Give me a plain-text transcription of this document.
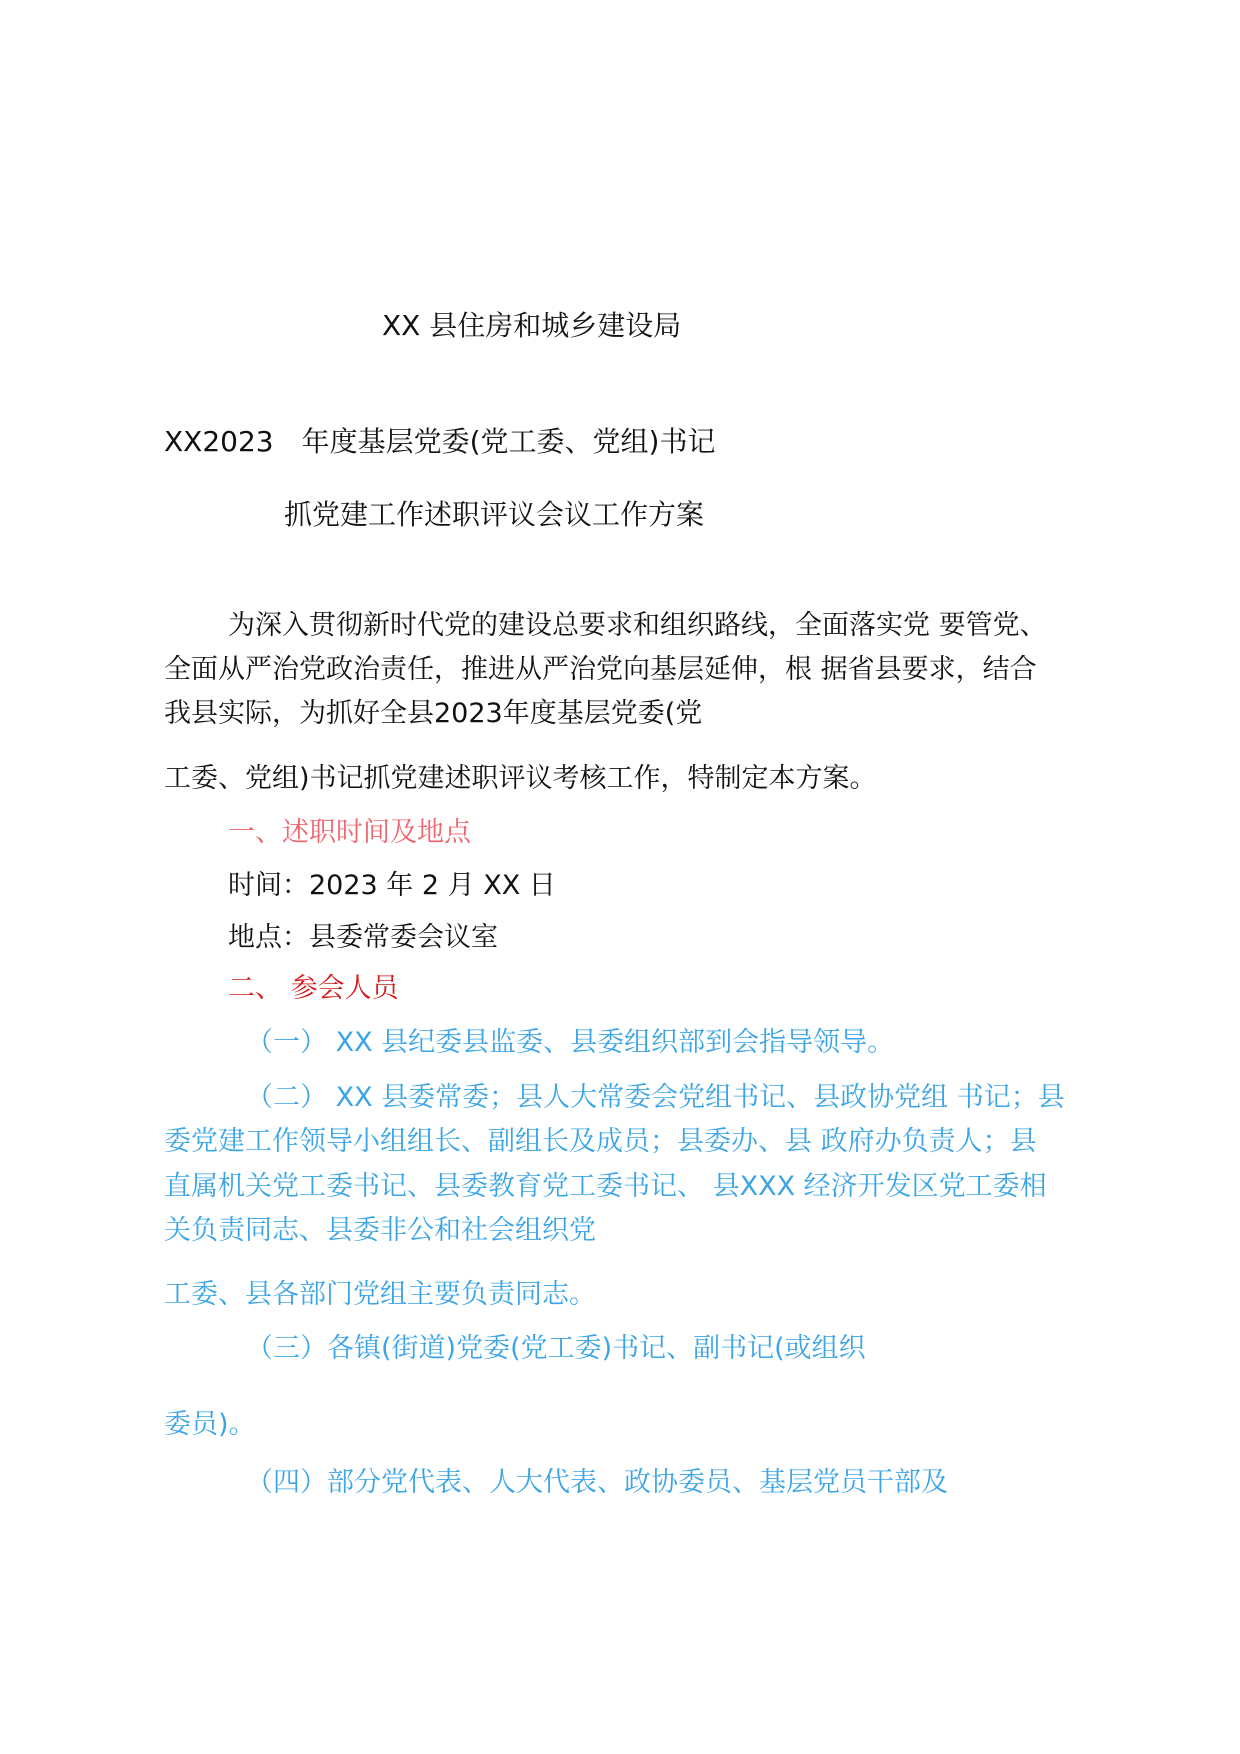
XX 县住房和城乡建设局
XX2023　年度基层党委(党工委、党组)书记
抓党建工作述职评议会议工作方案
为深入贯彻新时代党的建设总要求和组织路线，全面落实党 要管党、
全面从严治党政治责任，推进从严治党向基层延伸，根 据省县要求，结合
我县实际，为抓好全县2023年度基层党委(党
工委、党组)书记抓党建述职评议考核工作，特制定本方案。
一、述职时间及地点
时间：2023 年 2 月 XX 日
地点：县委常委会议室
二、 参会人员
（一） XX 县纪委县监委、县委组织部到会指导领导。
（二） XX 县委常委；县人大常委会党组书记、县政协党组 书记；县
委党建工作领导小组组长、副组长及成员；县委办、县 政府办负责人；县
直属机关党工委书记、县委教育党工委书记、 县XXX 经济开发区党工委相
关负责同志、县委非公和社会组织党
工委、县各部门党组主要负责同志。
（三）各镇(街道)党委(党工委)书记、副书记(或组织
委员)。
（四）部分党代表、人大代表、政协委员、基层党员干部及
